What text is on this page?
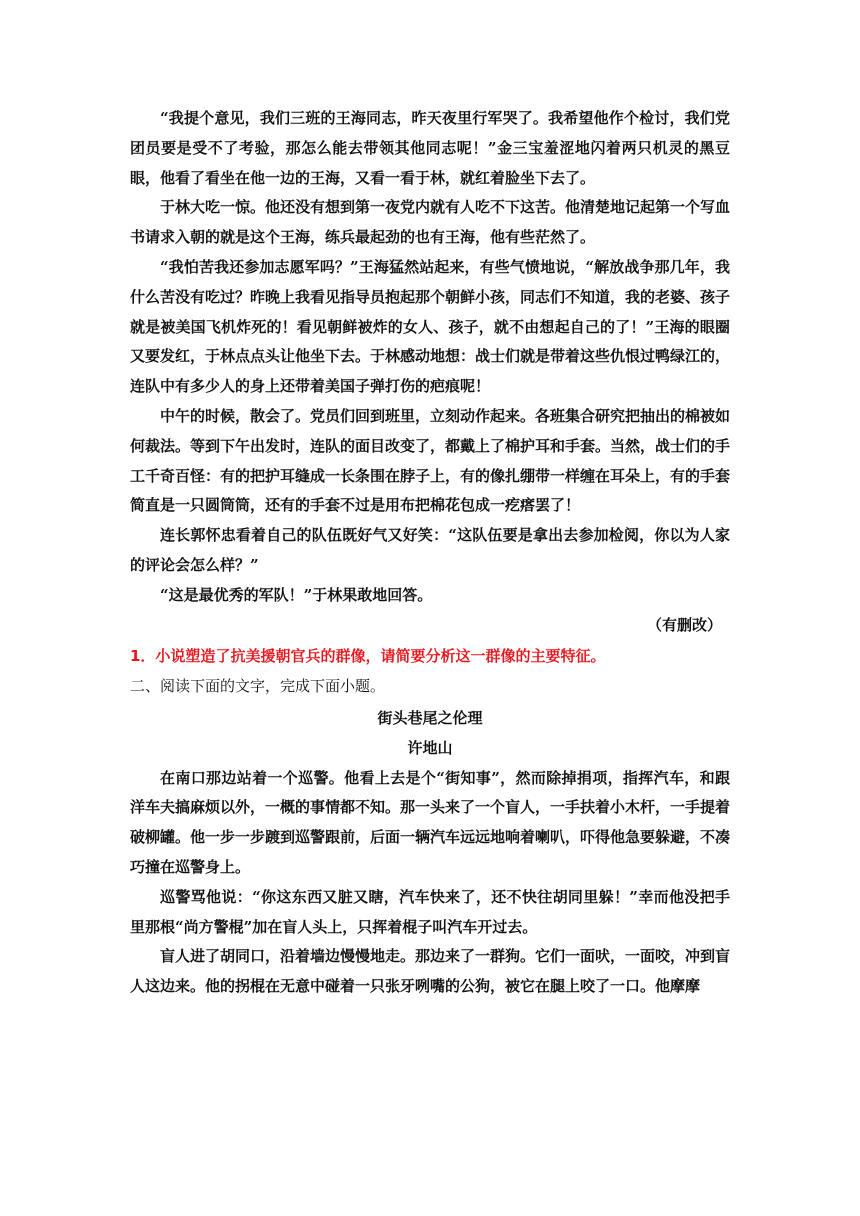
“我提个意见，我们三班的王海同志，昨天夜里行军哭了。我希望他作个检讨，我们党团员要是受不了考验，那怎么能去带领其他同志呢！”金三宝羞涩地闪着两只机灵的黑豆眼，他看了看坐在他一边的王海，又看一看于林，就红着脸坐下去了。

于林大吃一惊。他还没有想到第一夜党内就有人吃不下这苦。他清楚地记起第一个写血书请求入朝的就是这个王海，练兵最起劲的也有王海，他有些茫然了。

“我怕苦我还参加志愿军吗？”王海猛然站起来，有些气愤地说，“解放战争那几年，我什么苦没有吃过？昨晚上我看见指导员抱起那个朝鲜小孩，同志们不知道，我的老婆、孩子就是被美国飞机炸死的！看见朝鲜被炸的女人、孩子，就不由想起自己的了！”王海的眼圈又要发红，于林点点头让他坐下去。于林感动地想：战士们就是带着这些仇恨过鸭绿江的，连队中有多少人的身上还带着美国子弹打伤的疤痕呢！

中午的时候，散会了。党员们回到班里，立刻动作起来。各班集合研究把抽出的棉被如何裁法。等到下午出发时，连队的面目改变了，都戴上了棉护耳和手套。当然，战士们的手工千奇百怪：有的把护耳缝成一长条围在脖子上，有的像扎绷带一样缠在耳朵上，有的手套简直是一只圆筒筒，还有的手套不过是用布把棉花包成一疙瘩罢了！

连长郭怀忠看着自己的队伍既好气又好笑：“这队伍要是拿出去参加检阅，你以为人家的评论会怎么样？”

“这是最优秀的军队！”于林果敢地回答。

（有删改）

1．小说塑造了抗美援朝官兵的群像，请简要分析这一群像的主要特征。

二、阅读下面的文字，完成下面小题。

街头巷尾之伦理

许地山

在南口那边站着一个巡警。他看上去是个“街知事”，然而除掉捐项，指挥汽车，和跟洋车夫搞麻烦以外，一概的事情都不知。那一头来了一个盲人，一手扶着小木杆，一手提着破柳罐。他一步一步踱到巡警跟前，后面一辆汽车远远地响着喇叭，吓得他急要躲避，不凑巧撞在巡警身上。

巡警骂他说：“你这东西又脏又瞎，汽车快来了，还不快往胡同里躲！”幸而他没把手里那根“尚方警棍”加在盲人头上，只挥着棍子叫汽车开过去。

盲人进了胡同口，沿着墙边慢慢地走。那边来了一群狗。它们一面吠，一面咬，冲到盲人这边来。他的拐棍在无意中碰着一只张牙咧嘴的公狗，被它在腿上咬了一口。他摩摩
